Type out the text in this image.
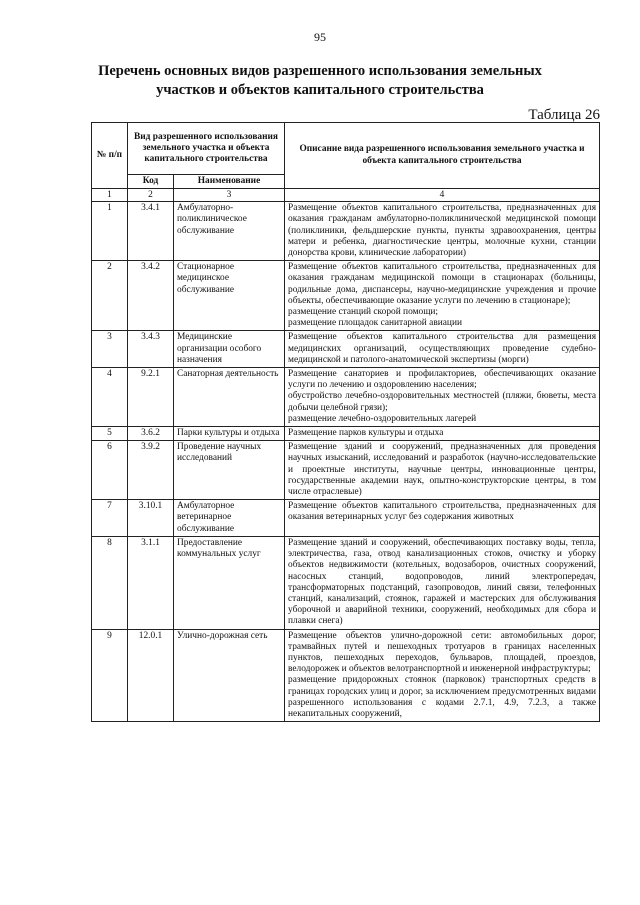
95
Перечень основных видов разрешенного использования земельных
участков и объектов капитального строительства
Таблица 26
№ п/п	Вид разрешенного использования земельного участка и объекта капитального строительства		Описание вида разрешенного использования земельного участка и объекта капитального строительства
	Код	Наименование	
1	2	3	4
1	3.4.1	Амбулаторно-поликлиническое обслуживание	Размещение объектов капитального строительства, предназначенных для оказания гражданам амбулаторно-поликлинической медицинской помощи (поликлиники, фельдшерские пункты, пункты здравоохранения, центры матери и ребенка, диагностические центры, молочные кухни, станции донорства крови, клинические лаборатории)

2	3.4.2	Стационарное медицинское обслуживание	Размещение объектов капитального строительства, предназначенных для оказания гражданам медицинской помощи в стационарах (больницы, родильные дома, диспансеры, научно-медицинские учреждения и прочие объекты, обеспечивающие оказание услуги по лечению в стационаре);

размещение станций скорой помощи;

размещение площадок санитарной авиации

3	3.4.3	Медицинские организации особого назначения	Размещение объектов капитального строительства для размещения медицинских организаций, осуществляющих проведение судебно-медицинской и патолого-анатомической экспертизы (морги)

4	9.2.1	Санаторная деятельность	Размещение санаториев и профилакториев, обеспечивающих оказание услуги по лечению и оздоровлению населения;

обустройство лечебно-оздоровительных местностей (пляжи, бюветы, места добычи целебной грязи);

размещение лечебно-оздоровительных лагерей

5	3.6.2	Парки культуры и отдыха	Размещение парков культуры и отдыха

6	3.9.2	Проведение научных исследований	Размещение зданий и сооружений, предназначенных для проведения научных изысканий, исследований и разработок (научно-исследовательские и проектные институты, научные центры, инновационные центры, государственные академии наук, опытно-конструкторские центры, в том числе отраслевые)

7	3.10.1	Амбулаторное ветеринарное обслуживание	Размещение объектов капитального строительства, предназначенных для оказания ветеринарных услуг без содержания животных

8	3.1.1	Предоставление коммунальных услуг	Размещение зданий и сооружений, обеспечивающих поставку воды, тепла, электричества, газа, отвод канализационных стоков, очистку и уборку объектов недвижимости (котельных, водозаборов, очистных сооружений, насосных станций, водопроводов, линий электропередач, трансформаторных подстанций, газопроводов, линий связи, телефонных станций, канализаций, стоянок, гаражей и мастерских для обслуживания уборочной и аварийной техники, сооружений, необходимых для сбора и плавки снега)

9	12.0.1	Улично-дорожная сеть	Размещение объектов улично-дорожной сети: автомобильных дорог, трамвайных путей и пешеходных тротуаров в границах населенных пунктов, пешеходных переходов, бульваров, площадей, проездов, велодорожек и объектов велотранспортной и инженерной инфраструктуры;

размещение придорожных стоянок (парковок) транспортных средств в границах городских улиц и дорог, за исключением предусмотренных видами разрешенного использования с кодами 2.7.1, 4.9, 7.2.3, а также некапитальных сооружений,
